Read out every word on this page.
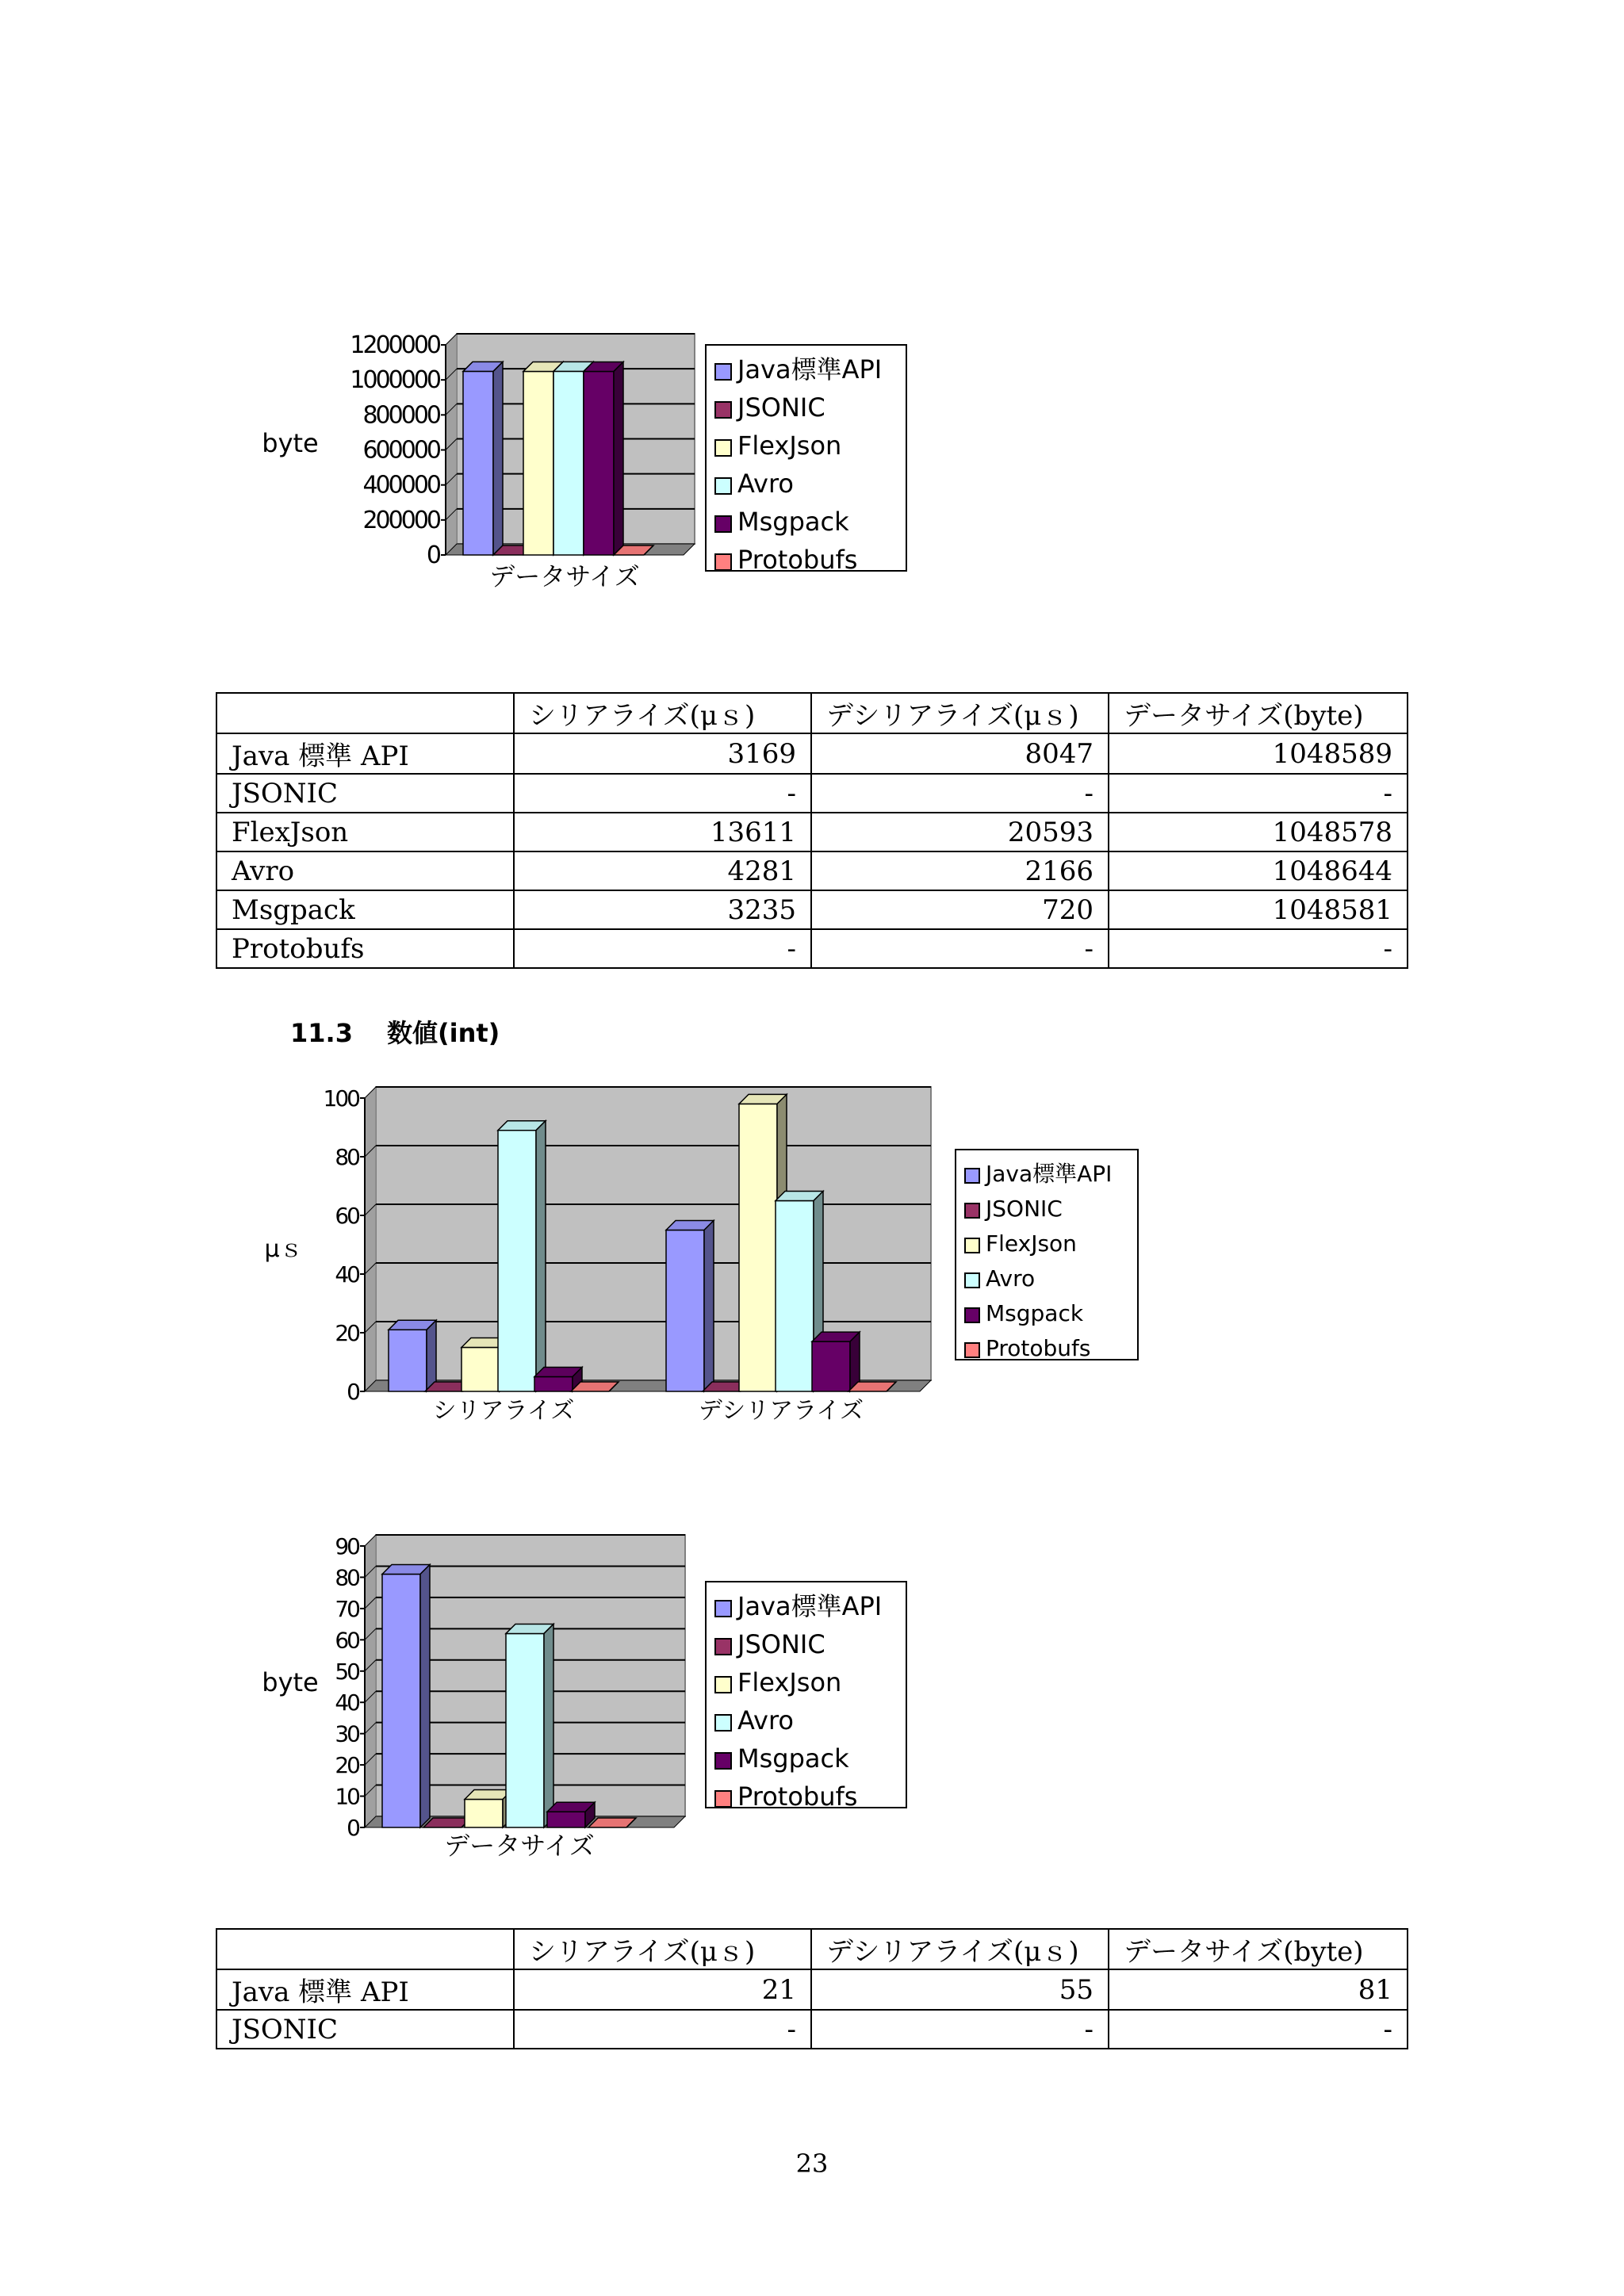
0
200000
400000
600000
800000
1000000
1200000
byte
データサイズ
Java標準API
JSONIC
FlexJson
Avro
Msgpack
Protobufs
	シリアライズ(μｓ)	デシリアライズ(μｓ)	データサイズ(byte)
Java 標準 API	3169	8047	1048589
JSONIC	-	-	-
FlexJson	13611	20593	1048578
Avro	4281	2166	1048644
Msgpack	3235	720	1048581
Protobufs	-	-	-
11.3 数値(int)
0
20
40
60
80
100
μｓ
シリアライズ	デシリアライズ
Java標準API
JSONIC
FlexJson
Avro
Msgpack
Protobufs
0
10
20
30
40
50
60
70
80
90
byte
データサイズ
Java標準API
JSONIC
FlexJson
Avro
Msgpack
Protobufs
	シリアライズ(μｓ)	デシリアライズ(μｓ)	データサイズ(byte)
Java 標準 API	21	55	81
JSONIC	-	-	-
23
